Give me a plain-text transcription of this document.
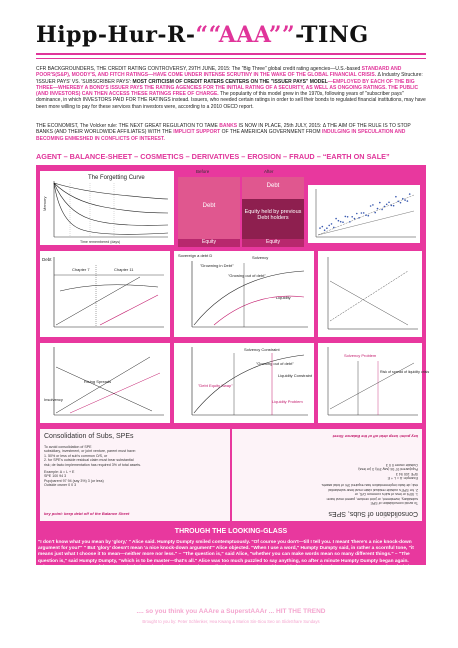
Hipp-Hur-R-““AAA””-TING
CFR BACKGROUNDERS, THE CREDIT RATING CONTROVERSY, 29TH JUNE, 2015: The “Big Three” global credit rating agencies—U.S.-based STANDARD AND POOR'S(S&P), MOODY'S, AND FITCH RATINGS—HAVE COME UNDER INTENSE SCRUTINY IN THE WAKE OF THE GLOBAL FINANCIAL CRISIS. Δ Industry Structure: 'ISSUER PAYS' VS. 'SUBSCRIBER PAYS': MOST CRITICISM OF CREDIT RATERS CENTERS ON THE "ISSUER PAYS" MODEL—EMPLOYED BY EACH OF THE BIG THREE—WHEREBY A BOND'S ISSUER PAYS THE RATING AGENCIES FOR THE INITIAL RATING OF A SECURITY, AS WELL AS ONGOING RATINGS. THE PUBLIC (AND INVESTORS) CAN THEN ACCESS THESE RATINGS FREE OF CHARGE. The popularity of this model grew in the 1970s, following years of "subscriber pays" dominance, in which INVESTORS PAID FOR THE RATINGS instead. Issuers, who needed certain ratings in order to sell their bonds to regulated financial institutions, may have been more willing to pay for these services than investors were, according to a 2010 OECD report.
THE ECONOMIST, The Volcker rule: THE NEXT GREAT REGULATION TO TAME BANKS IS NOW IN PLACE, 25th JULY, 2015: Δ THE AIM OF THE RULE IS TO STOP BANKS (AND THEIR WORLDWIDE AFFILIATES) WITH THE IMPLICIT SUPPORT OF THE AMERICAN GOVERNMENT FROM INDULGING IN SPECULATION AND BECOMING ENMESHED IN CONFLICTS OF INTEREST.
AGENT – BALANCE-SHEET – COSMETICS – DERIVATIVES – EROSION – FRAUD – “EARTH ON SALE”
The Forgetting Curve
Memory
Time remembered (days)
Before	After
Debt
Equity
Debt
Equity held by previous Debt holders
Equity
Debt
Chapter 7	Chapter 11
Sovereign a debt D
"Drowning in Debt"
Solvency
"Growing out of debt"
Liquidity
Insolvency
Rising Spreads
Solvency Constraint
"Growing out of debt"
Liquidity Constraint
"Debt Equity Swap"
Liquidity Problem
Solvency Problem
Risk of spread of liquidity crisis
Consolidation of Subs, SPEs
To avoid consolidation of SPE
subsidiary, investment, or joint venture, parent must have:
1. 50% or less of sub's common O/S, or
2. for SPE's outside residual claim must bear substantial
risk; de facto implementation has required 3% of total assets.
Example: A = L + E
SPE 100 94 3
Pup/parent 97 94 (say 3%) 3 (or less)
Outside owner 0 0 3
key point: keep debt off of the Balance Sheet	Consolidation of Subs, SPEs
To avoid consolidation of SPE
subsidiary, investment, or joint venture, parent must have:
1. 50% or less of sub's common O/S, or
2. for SPE's outside residual claim must bear substantial
risk; de facto implementation has required 3% of total assets.
Example: A = L + E
SPE 100 94 3
Pup/parent 97 94 (say 3%) 3 (or less)
Outside owner 0 0 3
key point: keep debt off of the Balance Sheet
THROUGH THE LOOKING-GLASS
"I don't know what you mean by 'glory,' " Alice said. Humpty Dumpty smiled contemptuously. "Of course you don't—till I tell you. I meant 'there's a nice knock-down argument for you!'" " But 'glory' doesn't mean 'a nice knock-down argument'" Alice objected. "When I use a word," Humpty Dumpty said, in rather a scornful tone, "it means just what I choose it to mean—neither more nor less." – "The question is," said Alice, "whether you can make words mean so many different things." – "The question is," said Humpty Dumpty, "which is to be master—that's all." Alice was too much puzzled to say anything, so after a minute Humpty Dumpty began again. "They've a temper, some of them—particularly verbs, they're the proudest—adjectives you can do anything with, but not verbs—however, I can manage the whole lot! Impenetrability! That's what I say!"
.... so you think you AAAre a SuperstAAAr ... HIT THE TREND
Brought to you by: Peter Schlenker, Hea Kwang & Marion Sin-Siou Seo on SlideShare Sundays
